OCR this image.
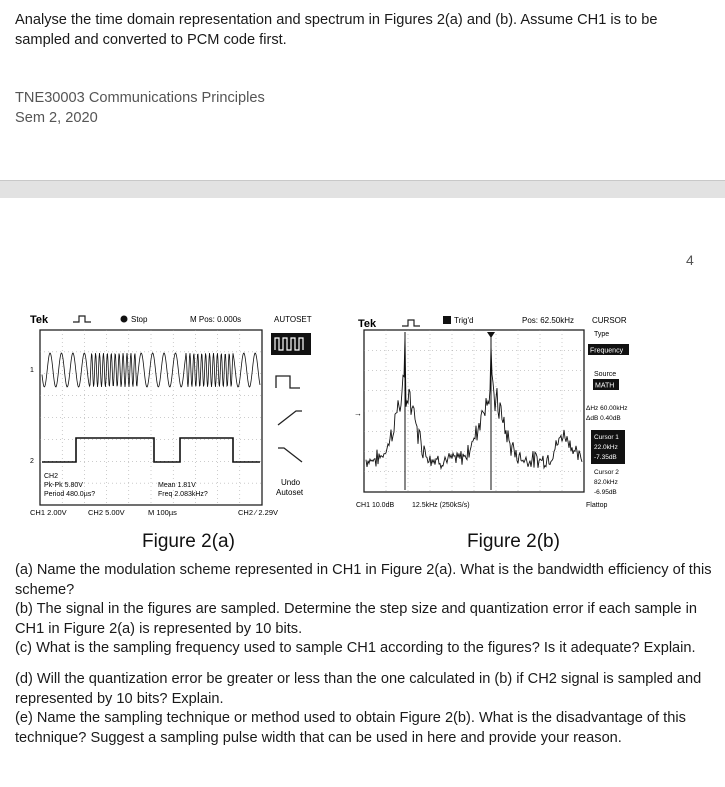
Analyse the time domain representation and spectrum in Figures 2(a) and (b). Assume CH1 is to be sampled and converted to PCM code first.
TNE30003 Communications Principles
Sem 2, 2020
4
Tek	Stop	M Pos: 0.000s	AUTOSET
1
2
CH2
Pk-Pk 5.80V
Period 480.0µs?
Mean 1.81V
Freq 2.083kHz?
Undo
Autoset
CH1 2.00V	CH2 5.00V	M 100µs	CH2 ∕ 2.29V
Tek	Trig'd	Pos: 62.50kHz CURSOR
→
Type
Frequency
Source
MATH
ΔHz 60.00kHz
ΔdB 0.40dB
Cursor 1
22.0kHz
-7.35dB
Cursor 2
82.0kHz
-6.95dB
Flattop
CH1 10.0dB	12.5kHz (250kS/s)
Figure 2(a)	Figure 2(b)

(a) Name the modulation scheme represented in CH1 in Figure 2(a). What is the bandwidth efficiency of this scheme?

(b) The signal in the figures are sampled. Determine the step size and quantization error if each sample in CH1 in Figure 2(a) is represented by 10 bits.

(c) What is the sampling frequency used to sample CH1 according to the figures? Is it adequate? Explain.

(d) Will the quantization error be greater or less than the one calculated in (b) if CH2 signal is sampled and represented by 10 bits? Explain.

(e) Name the sampling technique or method used to obtain Figure 2(b). What is the disadvantage of this technique? Suggest a sampling pulse width that can be used in here and provide your reason.
